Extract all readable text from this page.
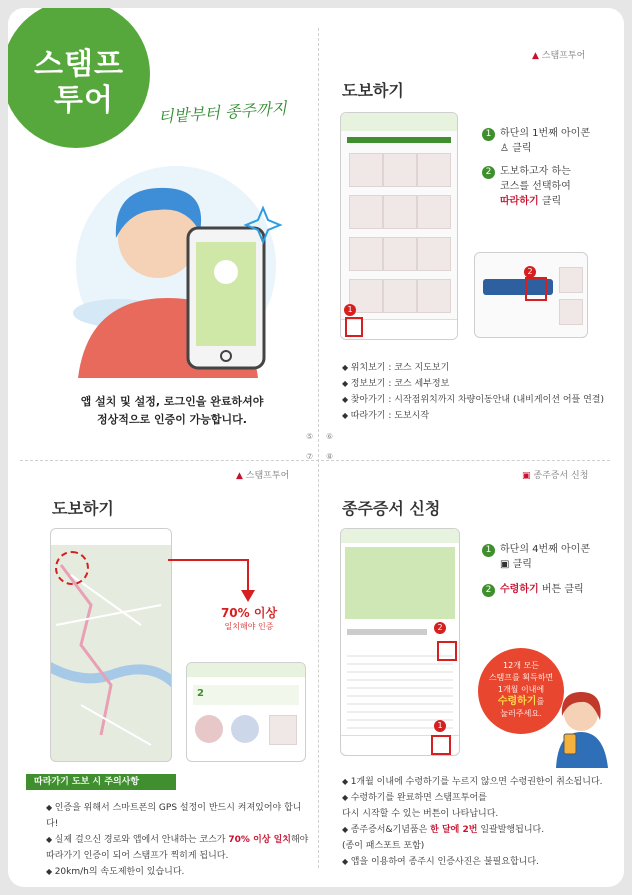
스탬프
투어	티밭부터 종주까지
앱 설치 및 설정, 로그인을 완료하셔야
정상적으로 인증이 가능합니다.
▲ 스탬프투어
도보하기
1
1 하단의 1번째 아이콘
♙ 클릭
2 도보하고자 하는
코스를 선택하여
따라하기 클릭
2
◆ 위치보기 : 코스 지도보기
◆ 정보보기 : 코스 세부정보
◆ 찾아가기 : 시작점위치까지 차량이동안내 (내비게이션 어플 연결)
◆ 따라가기 : 도보시작
⑤ ⑥
⑦ ⑧
▲ 스탬프투어
도보하기
70% 이상
일치해야 인증
2
따라가기 도보 시 주의사항
◆ 인증을 위해서 스마트폰의 GPS 설정이 반드시 켜져있어야 합니다!
◆ 실제 걸으신 경로와 앱에서 안내하는 코스가 70% 이상 일치해야
따라가기 인증이 되어 스탬프가 찍히게 됩니다.
◆ 20km/h의 속도제한이 있습니다.
▣ 종주증서 신청
종주증서 신청
2
1
1 하단의 4번째 아이콘
▣ 클릭
2 수령하기 버튼 클릭
12개 모든
스탬프를 획득하면
1개월 이내에
수령하기를
눌러주세요.
◆ 1개월 이내에 수령하기를 누르지 않으면 수령권한이 취소됩니다.
◆ 수령하기를 완료하면 스탬프투어를
다시 시작할 수 있는 버튼이 나타납니다.
◆ 종주증서&기념품은 한 달에 2번 일괄발행됩니다.
(종이 패스포트 포함)
◆ 앱을 이용하여 종주시 인증사진은 불필요합니다.
